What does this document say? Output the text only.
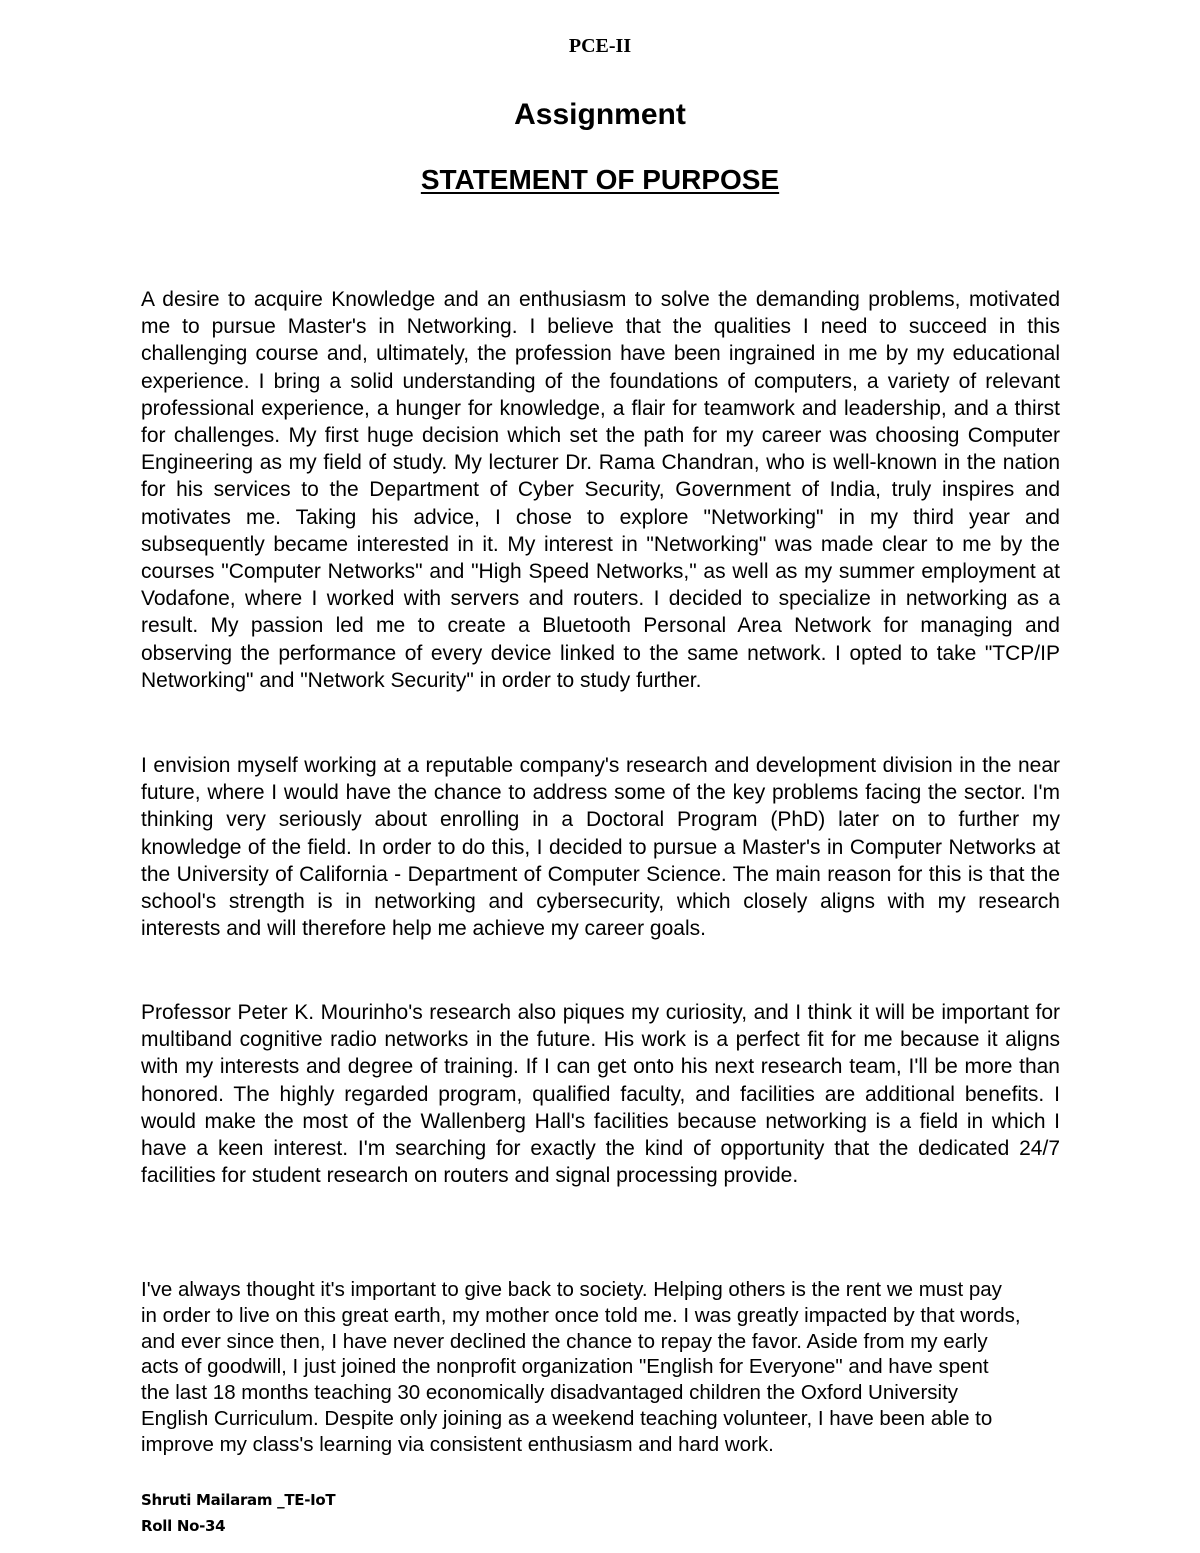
PCE-II
Assignment
STATEMENT OF PURPOSE

A desire to acquire Knowledge and an enthusiasm to solve the demanding problems, motivated me to pursue Master's in Networking. I believe that the qualities I need to succeed in this challenging course and, ultimately, the profession have been ingrained in me by my educational experience. I bring a solid understanding of the foundations of computers, a variety of relevant professional experience, a hunger for knowledge, a flair for teamwork and leadership, and a thirst for challenges. My first huge decision which set the path for my career was choosing Computer Engineering as my field of study. My lecturer Dr. Rama Chandran, who is well-known in the nation for his services to the Department of Cyber Security, Government of India, truly inspires and motivates me. Taking his advice, I chose to explore "Networking" in my third year and subsequently became interested in it. My interest in "Networking" was made clear to me by the courses "Computer Networks" and "High Speed Networks," as well as my summer employment at Vodafone, where I worked with servers and routers. I decided to specialize in networking as a result. My passion led me to create a Bluetooth Personal Area Network for managing and observing the performance of every device linked to the same network. I opted to take "TCP/IP Networking" and "Network Security" in order to study further.

I envision myself working at a reputable company's research and development division in the near future, where I would have the chance to address some of the key problems facing the sector. I'm thinking very seriously about enrolling in a Doctoral Program (PhD) later on to further my knowledge of the field. In order to do this, I decided to pursue a Master's in Computer Networks at the University of California - Department of Computer Science. The main reason for this is that the school's strength is in networking and cybersecurity, which closely aligns with my research interests and will therefore help me achieve my career goals.

Professor Peter K. Mourinho's research also piques my curiosity, and I think it will be important for multiband cognitive radio networks in the future. His work is a perfect fit for me because it aligns with my interests and degree of training. If I can get onto his next research team, I'll be more than honored. The highly regarded program, qualified faculty, and facilities are additional benefits. I would make the most of the Wallenberg Hall's facilities because networking is a field in which I have a keen interest. I'm searching for exactly the kind of opportunity that the dedicated 24/7 facilities for student research on routers and signal processing provide.

I've always thought it's important to give back to society. Helping others is the rent we must pay in order to live on this great earth, my mother once told me. I was greatly impacted by that words, and ever since then, I have never declined the chance to repay the favor. Aside from my early acts of goodwill, I just joined the nonprofit organization "English for Everyone" and have spent the last 18 months teaching 30 economically disadvantaged children the Oxford University English Curriculum. Despite only joining as a weekend teaching volunteer, I have been able to improve my class's learning via consistent enthusiasm and hard work.

Shruti Mailaram _TE-IoT
Roll No-34
